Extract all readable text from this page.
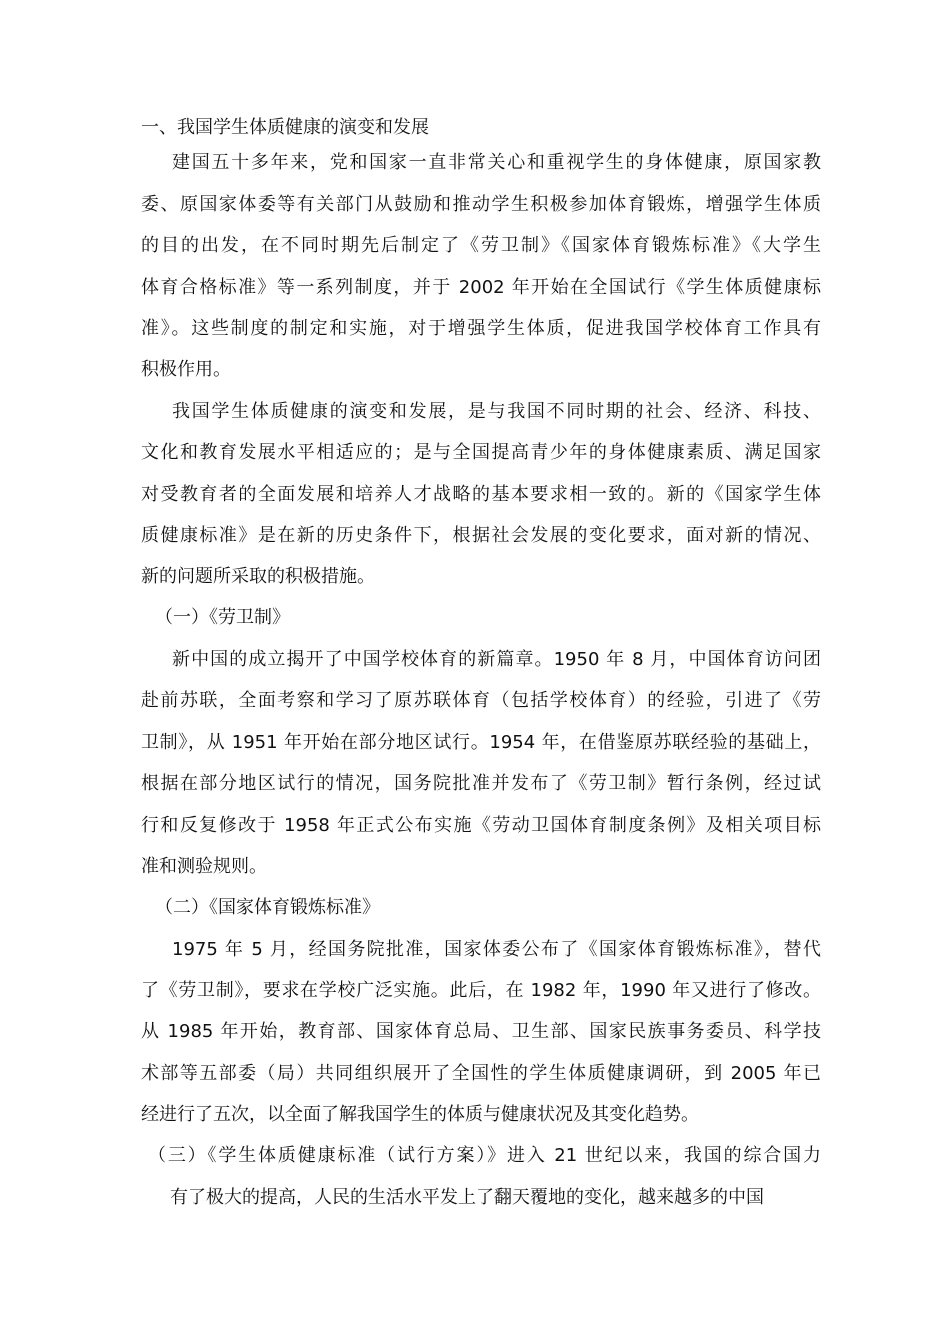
一、我国学生体质健康的演变和发展
建国五十多年来，党和国家一直非常关心和重视学生的身体健康，原国家教
委、原国家体委等有关部门从鼓励和推动学生积极参加体育锻炼，增强学生体质
的目的出发，在不同时期先后制定了《劳卫制》《国家体育锻炼标准》《大学生
体育合格标准》等一系列制度，并于 2002 年开始在全国试行《学生体质健康标
准》。这些制度的制定和实施，对于增强学生体质，促进我国学校体育工作具有
积极作用。
我国学生体质健康的演变和发展，是与我国不同时期的社会、经济、科技、
文化和教育发展水平相适应的；是与全国提高青少年的身体健康素质、满足国家
对受教育者的全面发展和培养人才战略的基本要求相一致的。新的《国家学生体
质健康标准》是在新的历史条件下，根据社会发展的变化要求，面对新的情况、
新的问题所采取的积极措施。
（一）《劳卫制》
新中国的成立揭开了中国学校体育的新篇章。1950 年 8 月，中国体育访问团
赴前苏联，全面考察和学习了原苏联体育（包括学校体育）的经验，引进了《劳
卫制》，从 1951 年开始在部分地区试行。1954 年，在借鉴原苏联经验的基础上，
根据在部分地区试行的情况，国务院批准并发布了《劳卫制》暂行条例，经过试
行和反复修改于 1958 年正式公布实施《劳动卫国体育制度条例》及相关项目标
准和测验规则。
（二）《国家体育锻炼标准》
1975 年 5 月，经国务院批准，国家体委公布了《国家体育锻炼标准》，替代
了《劳卫制》，要求在学校广泛实施。此后，在 1982 年，1990 年又进行了修改。
从 1985 年开始，教育部、国家体育总局、卫生部、国家民族事务委员、科学技
术部等五部委（局）共同组织展开了全国性的学生体质健康调研，到 2005 年已
经进行了五次，以全面了解我国学生的体质与健康状况及其变化趋势。
（三）《学生体质健康标准（试行方案）》进入 21 世纪以来，我国的综合国力
有了极大的提高，人民的生活水平发上了翻天覆地的变化，越来越多的中国
